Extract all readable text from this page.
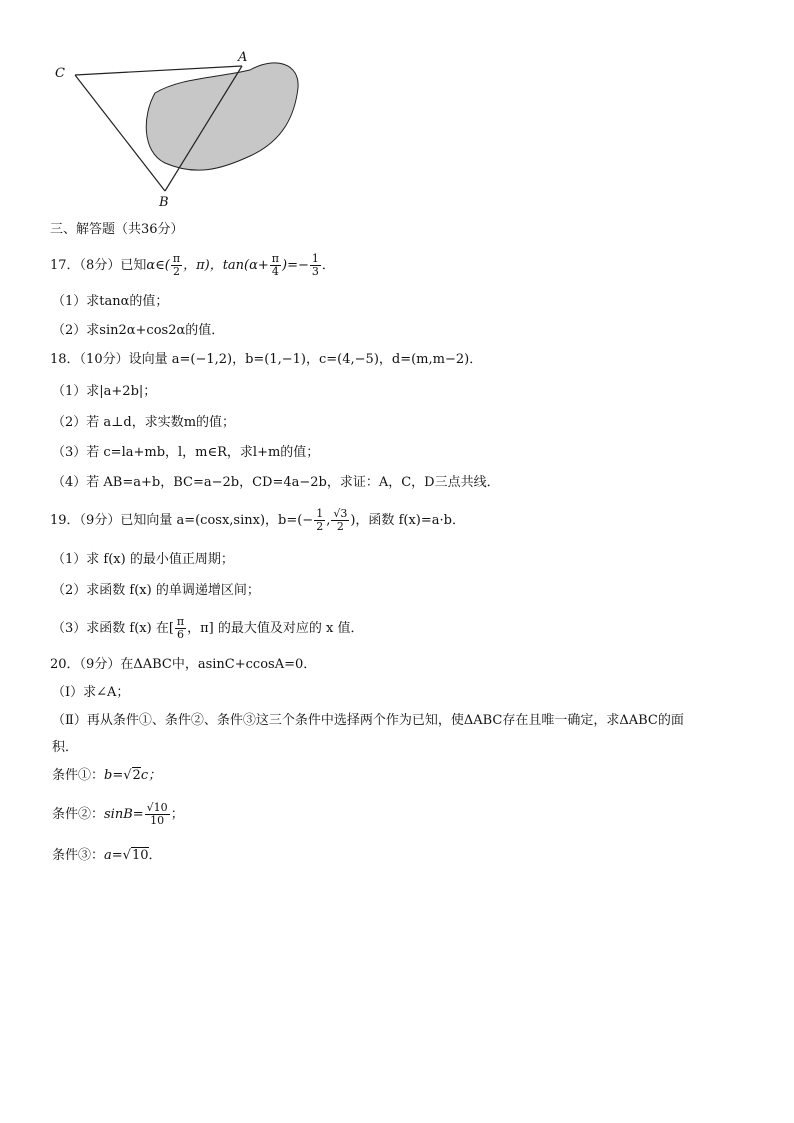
A
C
B
三、解答题（共36分）
17．（8分）已知α∈( $\frac{\pi}{2}$ ，π)，$\tan(\alpha+ \frac{\pi}{4}$ )=− $\frac{1}{3}$ ．
（1）求tanα的值；
（2）求sin2α+cos2α的值．
18．（10分）设向量 a=(−1,2)，b=(1,−1)，c=(4,−5)，d=(m,m−2)．
（1）求|a+2b|；
（2）若 a⊥d，求实数m的值；
（3）若 c=la+mb，l，m∈R，求l+m的值；
（4）若 AB=a+b，BC=a−2b，CD=4a−2b，求证：A，C，D三点共线．
19．（9分）已知向量 a=(cosx,sinx)，$b=(- \frac{1}{2}$ , $\frac{√3}{2}$ )，函数 f(x)=a·b．
（1）求 f(x) 的最小值正周期；
（2）求函数 f(x) 的单调递增区间；
（3）求函数 f(x) 在[ $\frac{\pi}{6}$ ，π] 的最大值及对应的 x 值．
20．（9分）在ΔABC中，asinC+ccosA=0．
（Ⅰ）求∠A；
（Ⅱ）再从条件①、条件②、条件③这三个条件中选择两个作为已知，使ΔABC存在且唯一确定，求ΔABC的面
积．
条件①：b=√2c；
条件②：$\sin B= \frac{√10}{10}$ ；
条件③：a=√10．
